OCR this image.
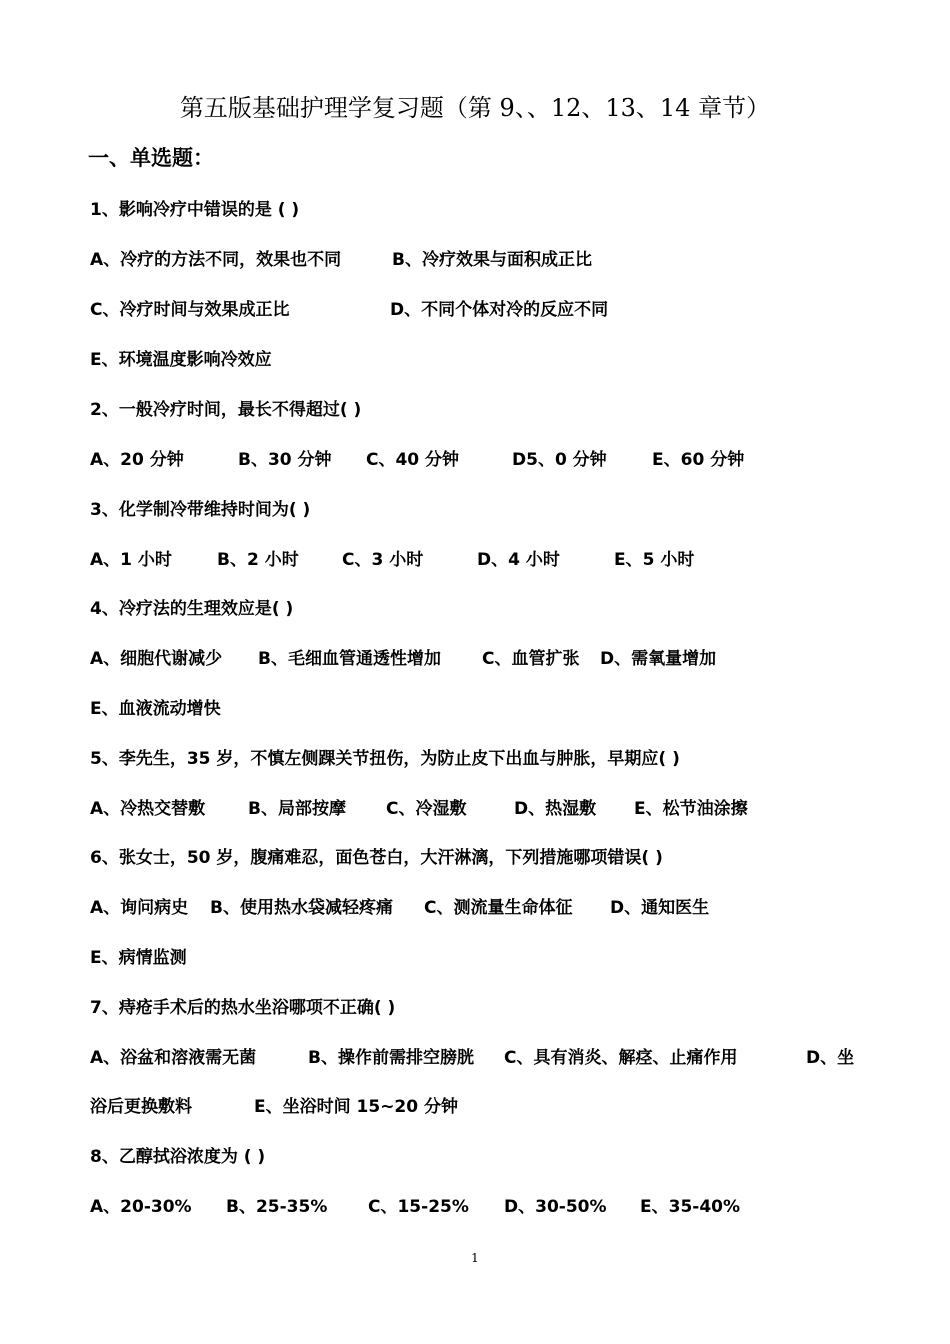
第五版基础护理学复习题（第 9、、12、13、14 章节）
一、单选题：
1、影响冷疗中错误的是 ( )
A、冷疗的方法不同，效果也不同	B、冷疗效果与面积成正比
C、冷疗时间与效果成正比	D、不同个体对冷的反应不同
E、环境温度影响冷效应
2、一般冷疗时间，最长不得超过( )
A、20 分钟	B、30 分钟 C、40 分钟	D5、0 分钟	E、60 分钟
3、化学制冷带维持时间为( )
A、1 小时	B、2 小时	C、3 小时	D、4 小时	E、5 小时
4、冷疗法的生理效应是( )
A、细胞代谢减少 B、毛细血管通透性增加 C、血管扩张 D、需氧量增加
E、血液流动增快
5、李先生，35 岁，不慎左侧踝关节扭伤，为防止皮下出血与肿胀，早期应( )
A、冷热交替敷	B、局部按摩 C、冷湿敷	D、热湿敷 E、松节油涂擦
6、张女士，50 岁，腹痛难忍，面色苍白，大汗淋漓，下列措施哪项错误( )
A、询问病史 B、使用热水袋减轻疼痛 C、测流量生命体征 D、通知医生
E、病情监测
7、痔疮手术后的热水坐浴哪项不正确( )
A、浴盆和溶液需无菌	B、操作前需排空膀胱 C、具有消炎、解痉、止痛作用	D、坐
浴后更换敷料	E、坐浴时间 15~20 分钟
8、乙醇拭浴浓度为 ( )
A、20-30% B、25-35% C、15-25% D、30-50% E、35-40%
1
